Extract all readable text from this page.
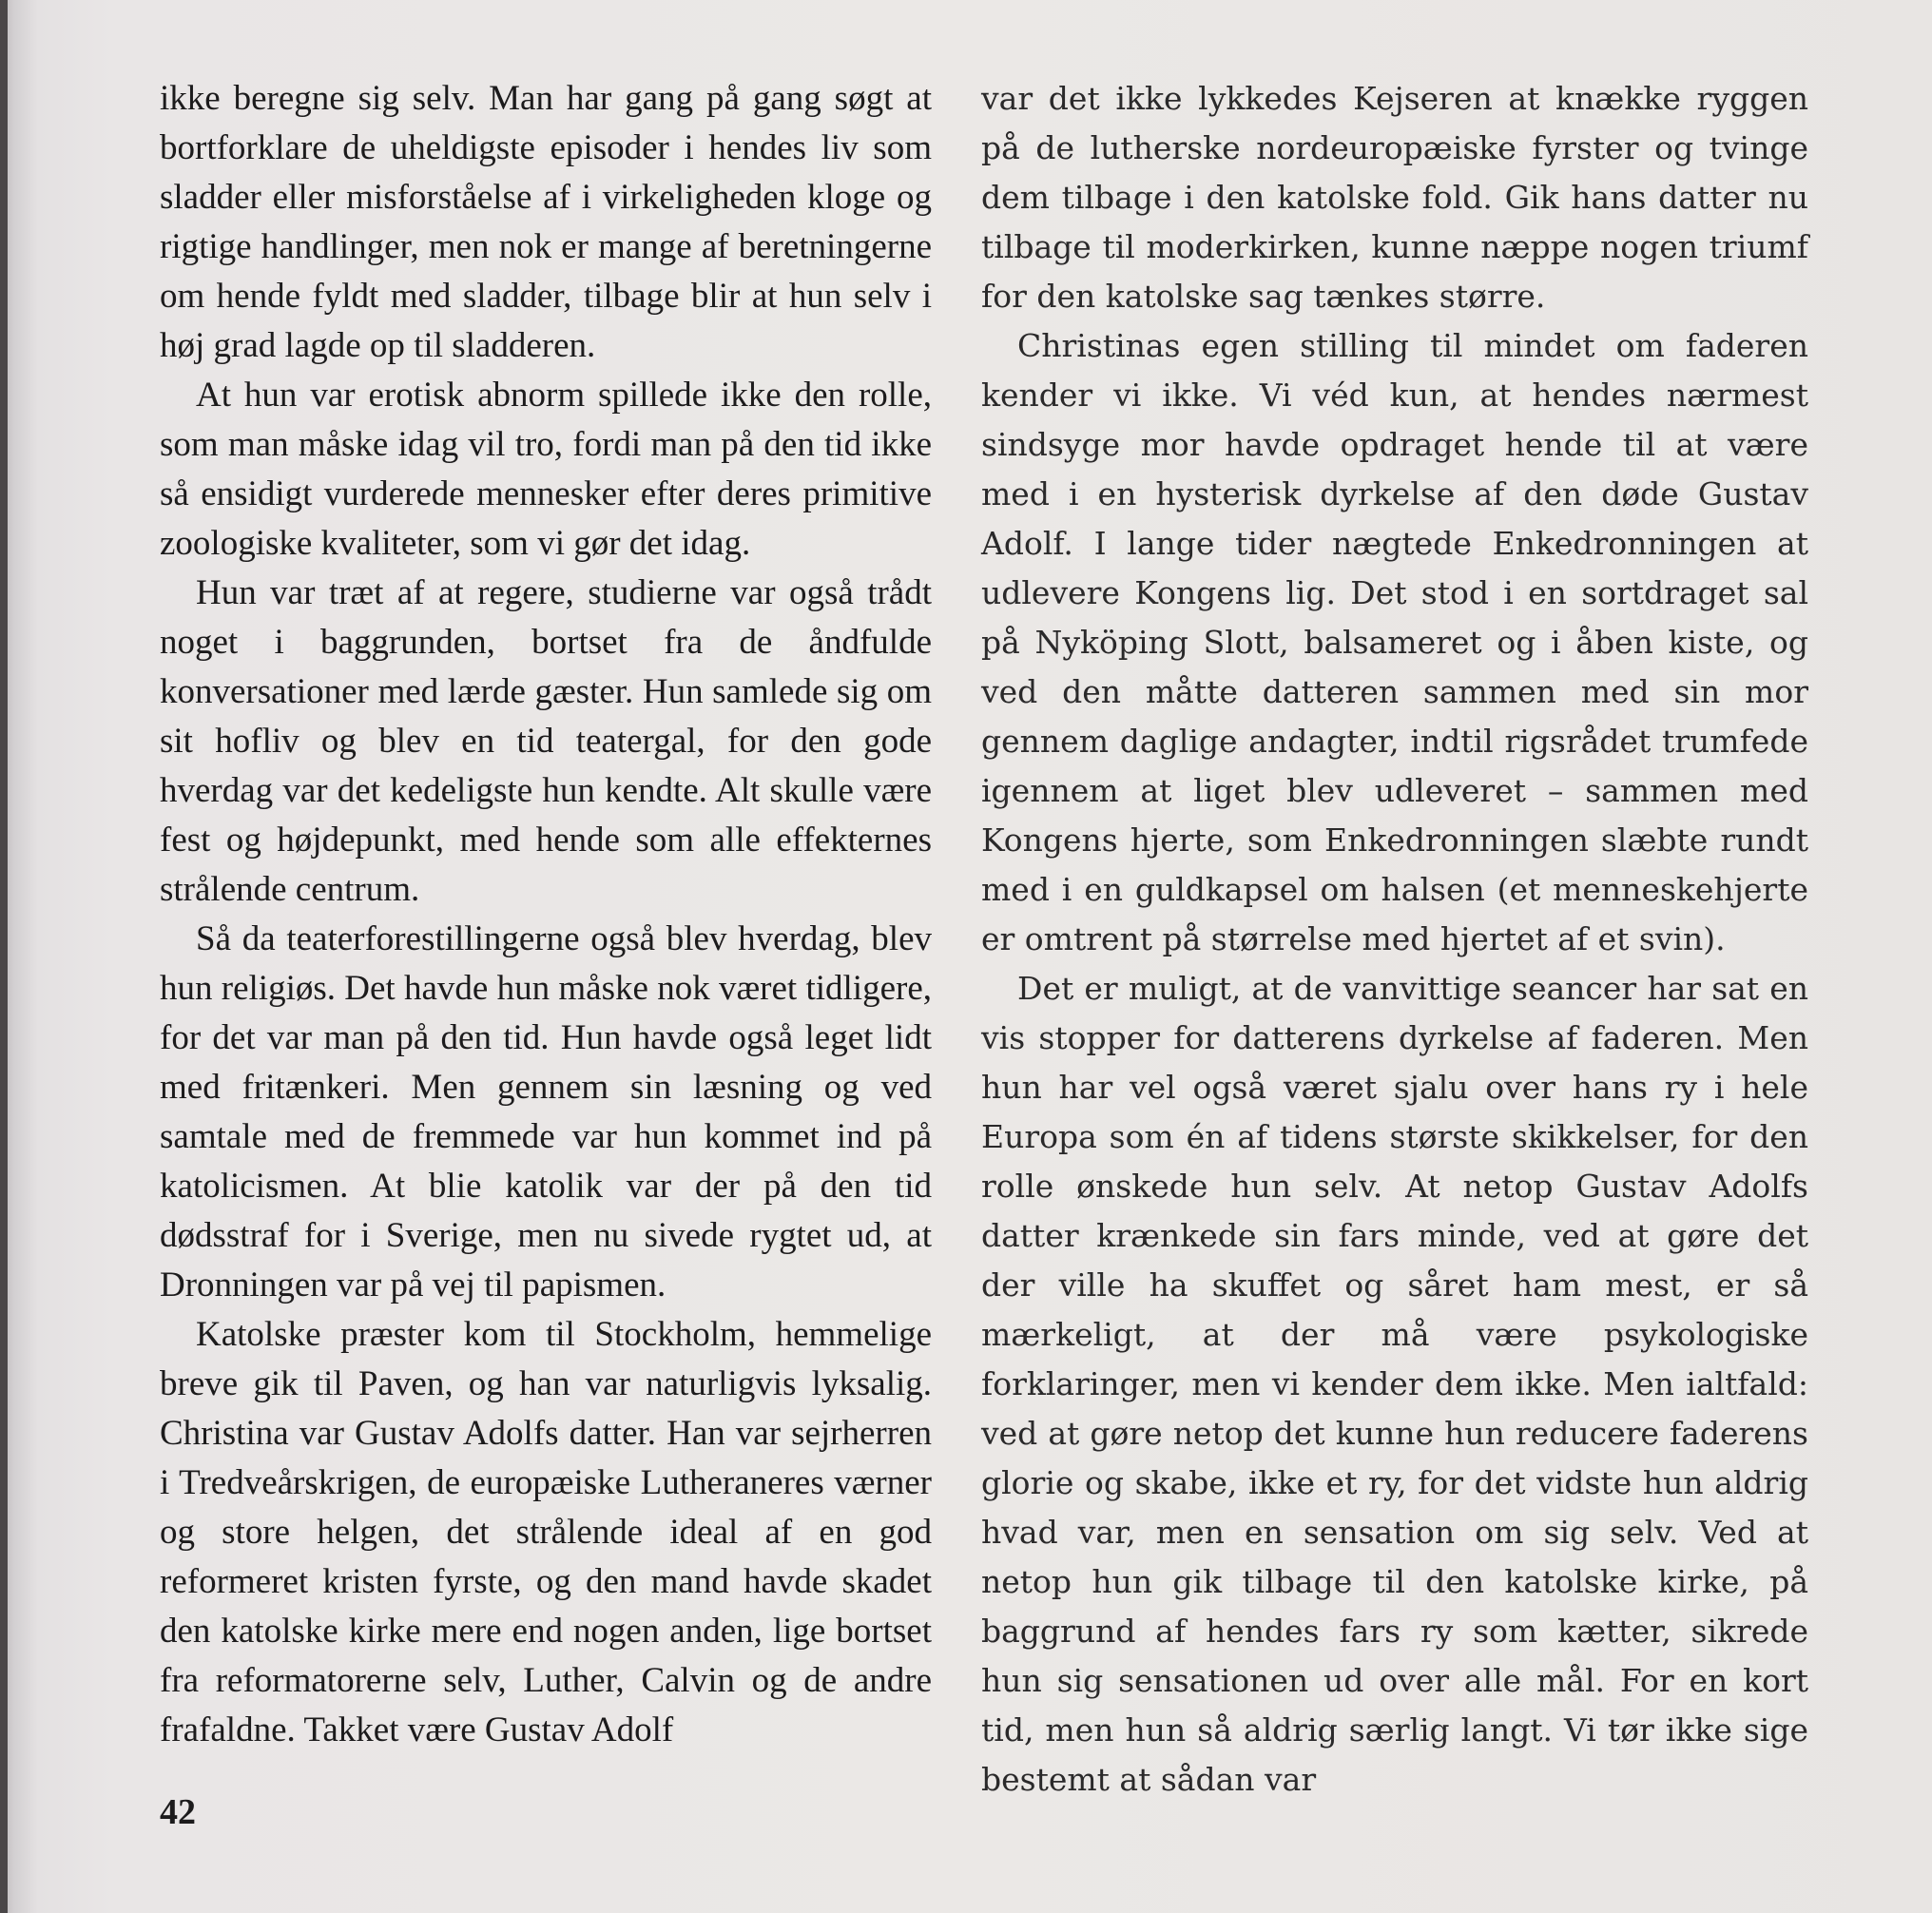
ikke beregne sig selv. Man har gang på gang søgt at bortforklare de uheldigste episoder i hendes liv som sladder eller misforståelse af i virkeligheden kloge og rigtige handlinger, men nok er mange af beretningerne om hende fyldt med sladder, tilbage blir at hun selv i høj grad lagde op til sladderen.

At hun var erotisk abnorm spillede ikke den rolle, som man måske idag vil tro, fordi man på den tid ikke så ensidigt vurderede mennesker efter deres primitive zoologiske kvaliteter, som vi gør det idag.

Hun var træt af at regere, studierne var også trådt noget i baggrunden, bortset fra de åndfulde konversationer med lærde gæster. Hun samlede sig om sit hofliv og blev en tid teatergal, for den gode hverdag var det kedeligste hun kendte. Alt skulle være fest og højdepunkt, med hende som alle effekternes strålende centrum.

Så da teaterforestillingerne også blev hverdag, blev hun religiøs. Det havde hun måske nok været tidligere, for det var man på den tid. Hun havde også leget lidt med fritænkeri. Men gennem sin læsning og ved samtale med de fremmede var hun kommet ind på katolicismen. At blie katolik var der på den tid dødsstraf for i Sverige, men nu sivede rygtet ud, at Dronningen var på vej til papismen.

Katolske præster kom til Stockholm, hemmelige breve gik til Paven, og han var naturligvis lyksalig. Christina var Gustav Adolfs datter. Han var sejrherren i Tredveårskrigen, de europæiske Lutheraneres værner og store helgen, det strålende ideal af en god reformeret kristen fyrste, og den mand havde skadet den katolske kirke mere end nogen anden, lige bortset fra reformatorerne selv, Luther, Calvin og de andre frafaldne. Takket være Gustav Adolf

var det ikke lykkedes Kejseren at knække ryggen på de lutherske nordeuropæiske fyrster og tvinge dem tilbage i den katolske fold. Gik hans datter nu tilbage til moderkirken, kunne næppe nogen triumf for den katolske sag tænkes større.

Christinas egen stilling til mindet om faderen kender vi ikke. Vi véd kun, at hendes nærmest sindsyge mor havde opdraget hende til at være med i en hysterisk dyrkelse af den døde Gustav Adolf. I lange tider nægtede Enkedronningen at udlevere Kongens lig. Det stod i en sortdraget sal på Nyköping Slott, balsameret og i åben kiste, og ved den måtte datteren sammen med sin mor gennem daglige andagter, indtil rigsrådet trumfede igennem at liget blev udleveret – sammen med Kongens hjerte, som Enkedronningen slæbte rundt med i en guldkapsel om halsen (et menneskehjerte er omtrent på størrelse med hjertet af et svin).

Det er muligt, at de vanvittige seancer har sat en vis stopper for datterens dyrkelse af faderen. Men hun har vel også været sjalu over hans ry i hele Europa som én af tidens største skikkelser, for den rolle ønskede hun selv. At netop Gustav Adolfs datter krænkede sin fars minde, ved at gøre det der ville ha skuffet og såret ham mest, er så mærkeligt, at der må være psykologiske forklaringer, men vi kender dem ikke. Men ialtfald: ved at gøre netop det kunne hun reducere faderens glorie og skabe, ikke et ry, for det vidste hun aldrig hvad var, men en sensation om sig selv. Ved at netop hun gik tilbage til den katolske kirke, på baggrund af hendes fars ry som kætter, sikrede hun sig sensationen ud over alle mål. For en kort tid, men hun så aldrig særlig langt. Vi tør ikke sige bestemt at sådan var

42
